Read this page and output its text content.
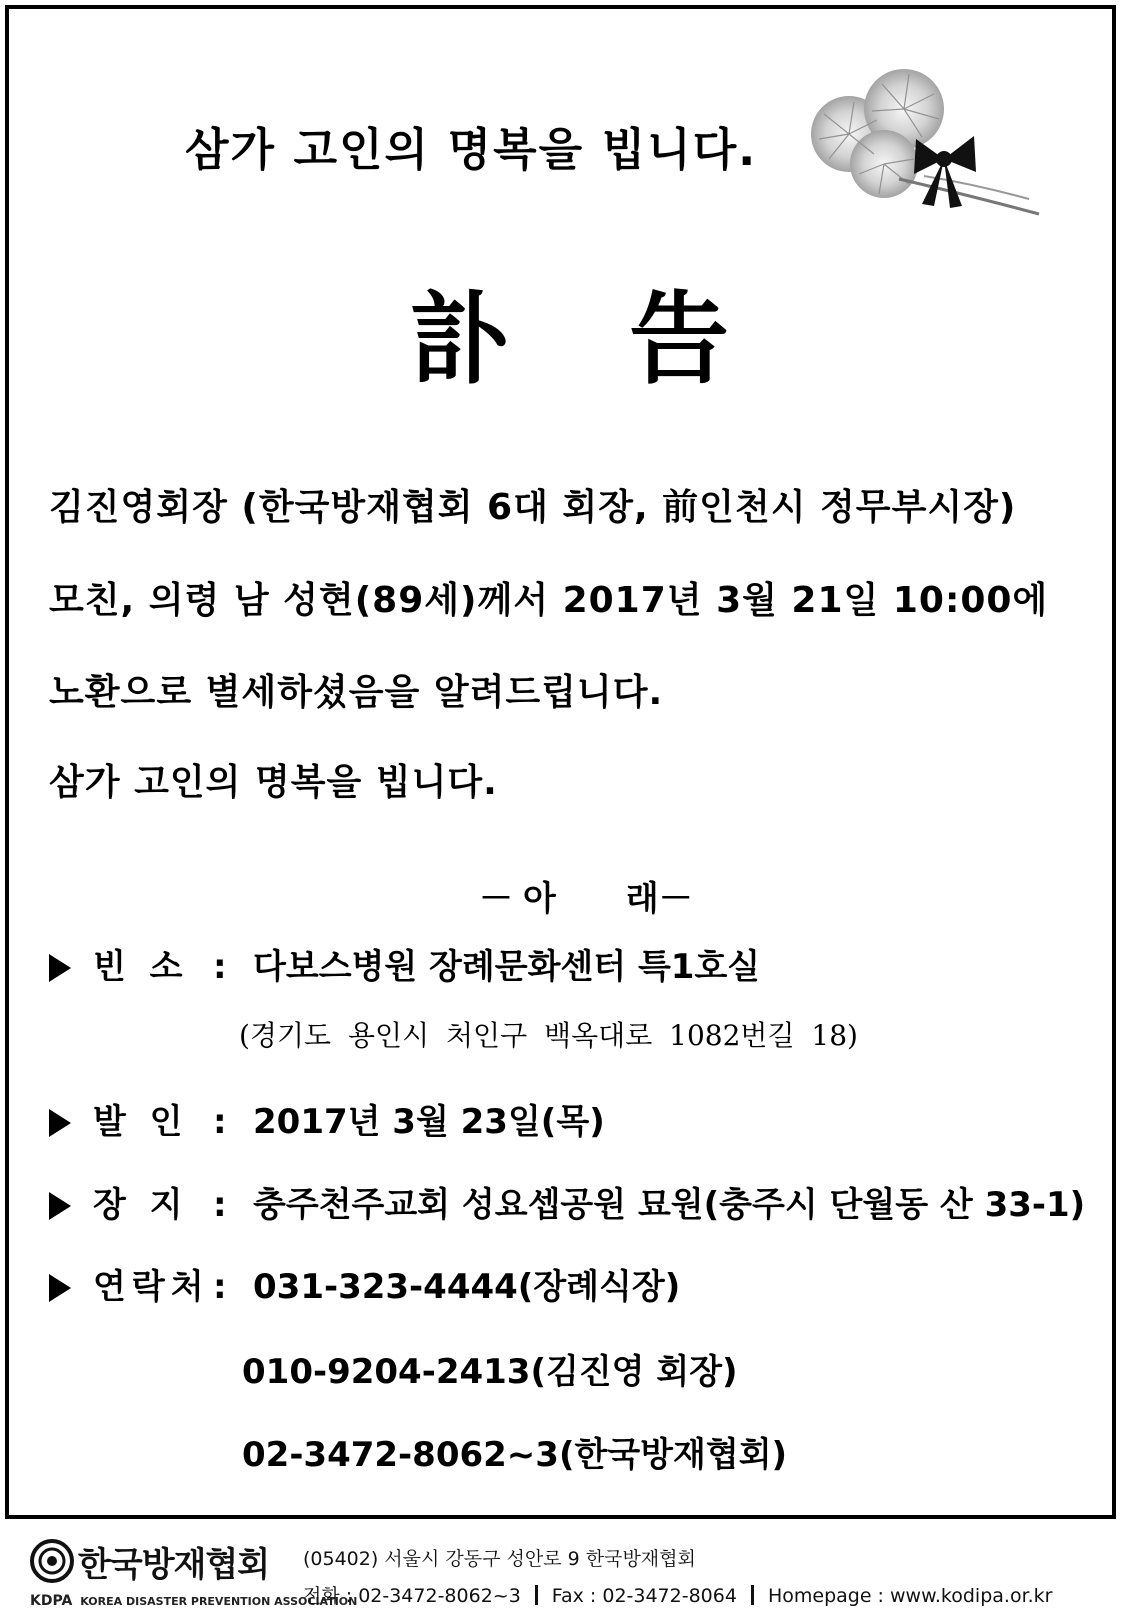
삼가 고인의 명복을 빕니다.
訃 告
김진영회장 (한국방재협회 6대 회장, 前인천시 정무부시장)
모친, 의령 남 성현(89세)께서 2017년 3월 21일 10:00에
노환으로 별세하셨음을 알려드립니다.
삼가 고인의 명복을 빕니다.
－ 아 래－
빈 소 : 다보스병원 장례문화센터 특1호실
(경기도 용인시 처인구 백옥대로 1082번길 18)
발 인 : 2017년 3월 23일(목)
장 지 : 충주천주교회 성요셉공원 묘원(충주시 단월동 산 33-1)
연락처 : 031-323-4444(장례식장)
010-9204-2413(김진영 회장)
02-3472-8062~3(한국방재협회)
한국방재협회
KDPA KOREA DISASTER PREVENTION ASSOCIATION
(05402) 서울시 강동구 성안로 9 한국방재협회
전화 : 02-3472-8062~3 Fax : 02-3472-8064 Homepage : www.kodipa.or.kr
